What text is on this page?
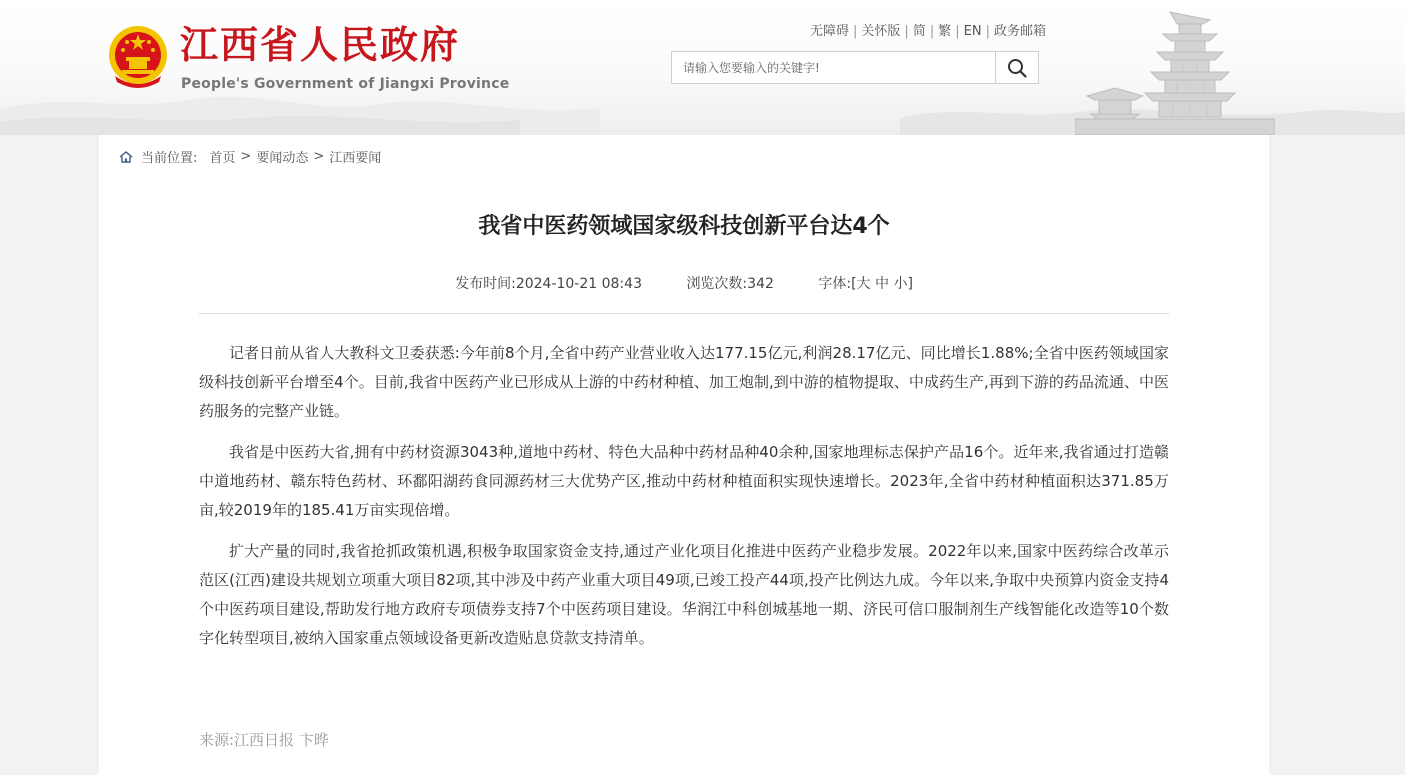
江西省人民政府
People's Government of Jiangxi Province
无障碍 | 关怀版 | 简 | 繁 | EN | 政务邮箱
请输入您要输入的关键字!
当前位置: 首页 > 要闻动态 > 江西要闻
我省中医药领域国家级科技创新平台达4个
发布时间:2024-10-21 08:43	浏览次数:342	字体:[大 中 小]

记者日前从省人大教科文卫委获悉:今年前8个月,全省中药产业营业收入达177.15亿元,利润28.17亿元、同比增长1.88%;全省中医药领域国家级科技创新平台增至4个。目前,我省中医药产业已形成从上游的中药材种植、加工炮制,到中游的植物提取、中成药生产,再到下游的药品流通、中医药服务的完整产业链。

我省是中医药大省,拥有中药材资源3043种,道地中药材、特色大品种中药材品种40余种,国家地理标志保护产品16个。近年来,我省通过打造赣中道地药材、赣东特色药材、环鄱阳湖药食同源药材三大优势产区,推动中药材种植面积实现快速增长。2023年,全省中药材种植面积达371.85万亩,较2019年的185.41万亩实现倍增。

扩大产量的同时,我省抢抓政策机遇,积极争取国家资金支持,通过产业化项目化推进中医药产业稳步发展。2022年以来,国家中医药综合改革示范区(江西)建设共规划立项重大项目82项,其中涉及中药产业重大项目49项,已竣工投产44项,投产比例达九成。今年以来,争取中央预算内资金支持4个中医药项目建设,帮助发行地方政府专项债券支持7个中医药项目建设。华润江中科创城基地一期、济民可信口服制剂生产线智能化改造等10个数字化转型项目,被纳入国家重点领域设备更新改造贴息贷款支持清单。

来源:江西日报 卞晔
